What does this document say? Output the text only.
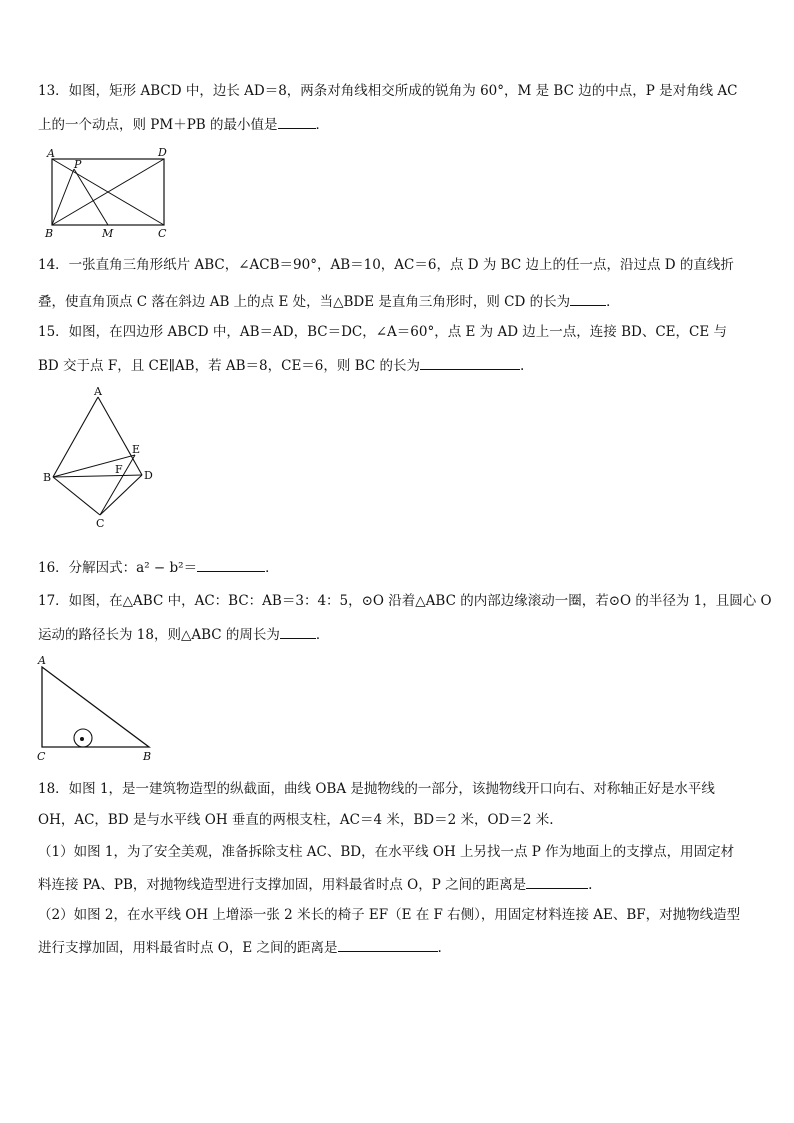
13．如图，矩形 ABCD 中，边长 AD＝8，两条对角线相交所成的锐角为 60°，M 是 BC 边的中点，P 是对角线 AC
上的一个动点，则 PM＋PB 的最小值是	．
A
P
D
B	M	C
14．一张直角三角形纸片 ABC，∠ACB＝90°，AB＝10，AC＝6，点 D 为 BC 边上的任一点，沿过点 D 的直线折
叠，使直角顶点 C 落在斜边 AB 上的点 E 处，当△BDE 是直角三角形时，则 CD 的长为	．
15．如图，在四边形 ABCD 中，AB＝AD，BC＝DC，∠A＝60°，点 E 为 AD 边上一点，连接 BD、CE，CE 与
BD 交于点 F，且 CE∥AB，若 AB＝8，CE＝6，则 BC 的长为	.
A
E
F
B	D
C
16．分解因式：a² − b²＝	．
17．如图，在△ABC 中，AC：BC：AB＝3：4：5，⊙O 沿着△ABC 的内部边缘滚动一圈，若⊙O 的半径为 1，且圆心 O
运动的路径长为 18，则△ABC 的周长为	．
A
C	B
18．如图 1，是一建筑物造型的纵截面，曲线 OBA 是抛物线的一部分，该抛物线开口向右、对称轴正好是水平线
OH，AC，BD 是与水平线 OH 垂直的两根支柱，AC＝4 米，BD＝2 米，OD＝2 米.
（1）如图 1，为了安全美观，准备拆除支柱 AC、BD，在水平线 OH 上另找一点 P 作为地面上的支撑点，用固定材
料连接 PA、PB，对抛物线造型进行支撑加固，用料最省时点 O，P 之间的距离是	.
（2）如图 2，在水平线 OH 上增添一张 2 米长的椅子 EF（E 在 F 右侧），用固定材料连接 AE、BF，对抛物线造型
进行支撑加固，用料最省时点 O，E 之间的距离是	.
